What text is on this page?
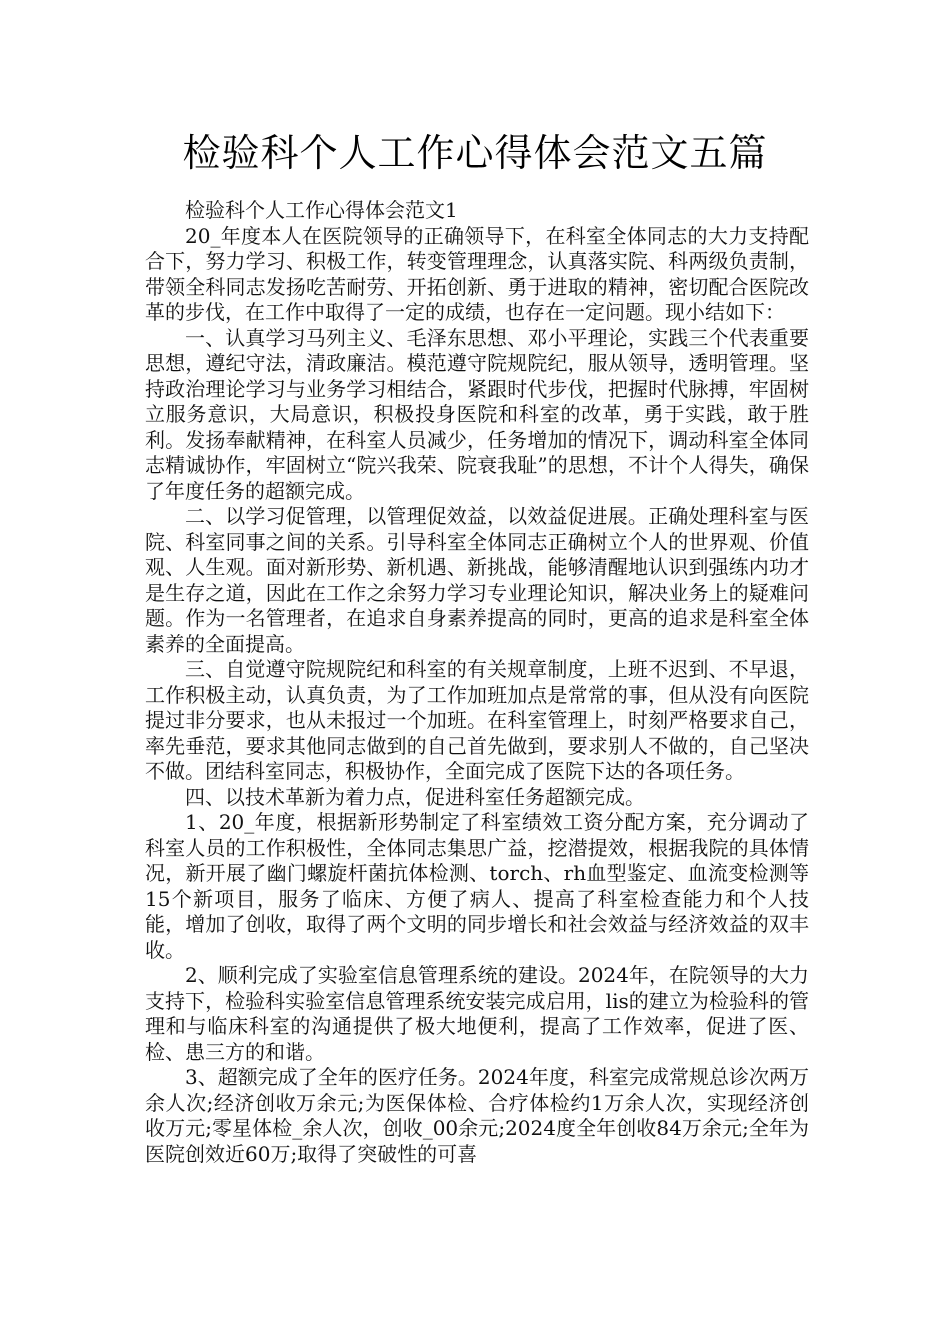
检验科个人工作心得体会范文五篇

检验科个人工作心得体会范文1

20_年度本人在医院领导的正确领导下，在科室全体同志的大力支持配合下，努力学习、积极工作，转变管理理念，认真落实院、科两级负责制，带领全科同志发扬吃苦耐劳、开拓创新、勇于进取的精神，密切配合医院改革的步伐，在工作中取得了一定的成绩，也存在一定问题。现小结如下：

一、认真学习马列主义、毛泽东思想、邓小平理论，实践三个代表重要思想，遵纪守法，清政廉洁。模范遵守院规院纪，服从领导，透明管理。坚持政治理论学习与业务学习相结合，紧跟时代步伐，把握时代脉搏，牢固树立服务意识，大局意识，积极投身医院和科室的改革，勇于实践，敢于胜利。发扬奉献精神，在科室人员减少，任务增加的情况下，调动科室全体同志精诚协作，牢固树立“院兴我荣、院衰我耻”的思想，不计个人得失，确保了年度任务的超额完成。

二、以学习促管理，以管理促效益，以效益促进展。正确处理科室与医院、科室同事之间的关系。引导科室全体同志正确树立个人的世界观、价值观、人生观。面对新形势、新机遇、新挑战，能够清醒地认识到强练内功才是生存之道，因此在工作之余努力学习专业理论知识，解决业务上的疑难问题。作为一名管理者，在追求自身素养提高的同时，更高的追求是科室全体素养的全面提高。

三、自觉遵守院规院纪和科室的有关规章制度，上班不迟到、不早退，工作积极主动，认真负责，为了工作加班加点是常常的事，但从没有向医院提过非分要求，也从未报过一个加班。在科室管理上，时刻严格要求自己，率先垂范，要求其他同志做到的自己首先做到，要求别人不做的，自己坚决不做。团结科室同志，积极协作，全面完成了医院下达的各项任务。

四、以技术革新为着力点，促进科室任务超额完成。

1、20_年度，根据新形势制定了科室绩效工资分配方案，充分调动了科室人员的工作积极性，全体同志集思广益，挖潜提效，根据我院的具体情况，新开展了幽门螺旋杆菌抗体检测、torch、rh血型鉴定、血流变检测等15个新项目，服务了临床、方便了病人、提高了科室检查能力和个人技能，增加了创收，取得了两个文明的同步增长和社会效益与经济效益的双丰收。

2、顺利完成了实验室信息管理系统的建设。2024年，在院领导的大力支持下，检验科实验室信息管理系统安装完成启用，lis的建立为检验科的管理和与临床科室的沟通提供了极大地便利，提高了工作效率，促进了医、检、患三方的和谐。

3、超额完成了全年的医疗任务。2024年度，科室完成常规总诊次两万余人次;经济创收万余元;为医保体检、合疗体检约1万余人次，实现经济创收万元;零星体检_余人次，创收_00余元;2024度全年创收84万余元;全年为医院创效近60万;取得了突破性的可喜
